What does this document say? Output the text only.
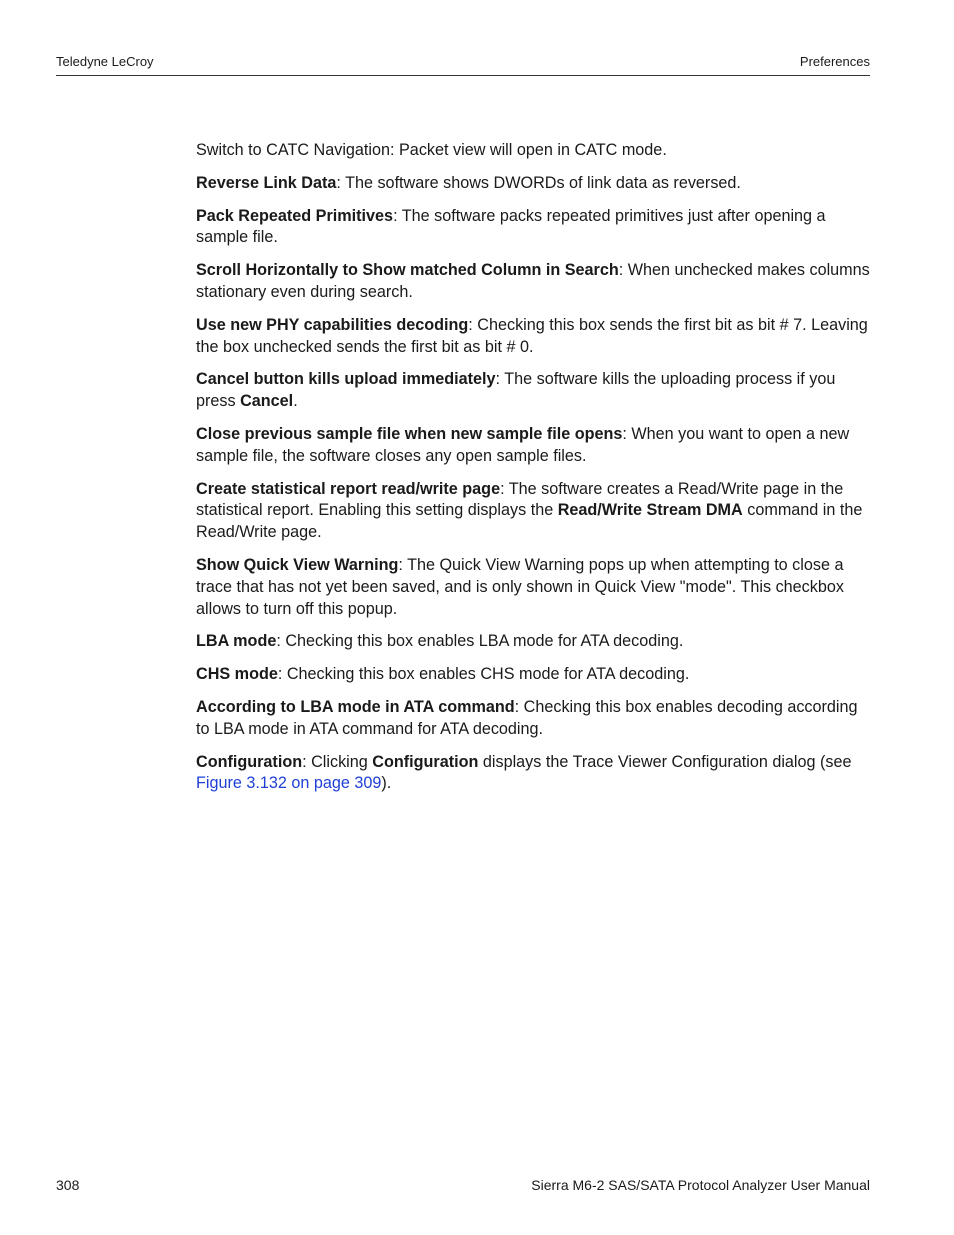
Teledyne LeCroy	Preferences

Switch to CATC Navigation: Packet view will open in CATC mode.

Reverse Link Data: The software shows DWORDs of link data as reversed.

Pack Repeated Primitives: The software packs repeated primitives just after opening a sample file.

Scroll Horizontally to Show matched Column in Search: When unchecked makes columns stationary even during search.

Use new PHY capabilities decoding: Checking this box sends the first bit as bit # 7. Leaving the box unchecked sends the first bit as bit # 0.

Cancel button kills upload immediately: The software kills the uploading process if you press Cancel.

Close previous sample file when new sample file opens: When you want to open a new sample file, the software closes any open sample files.

Create statistical report read/write page: The software creates a Read/Write page in the statistical report. Enabling this setting displays the Read/Write Stream DMA command in the Read/Write page.

Show Quick View Warning: The Quick View Warning pops up when attempting to close a trace that has not yet been saved, and is only shown in Quick View "mode". This checkbox allows to turn off this popup.

LBA mode: Checking this box enables LBA mode for ATA decoding.

CHS mode: Checking this box enables CHS mode for ATA decoding.

According to LBA mode in ATA command: Checking this box enables decoding according to LBA mode in ATA command for ATA decoding.

Configuration: Clicking Configuration displays the Trace Viewer Configuration dialog (see Figure 3.132 on page 309).

308	Sierra M6-2 SAS/SATA Protocol Analyzer User Manual
